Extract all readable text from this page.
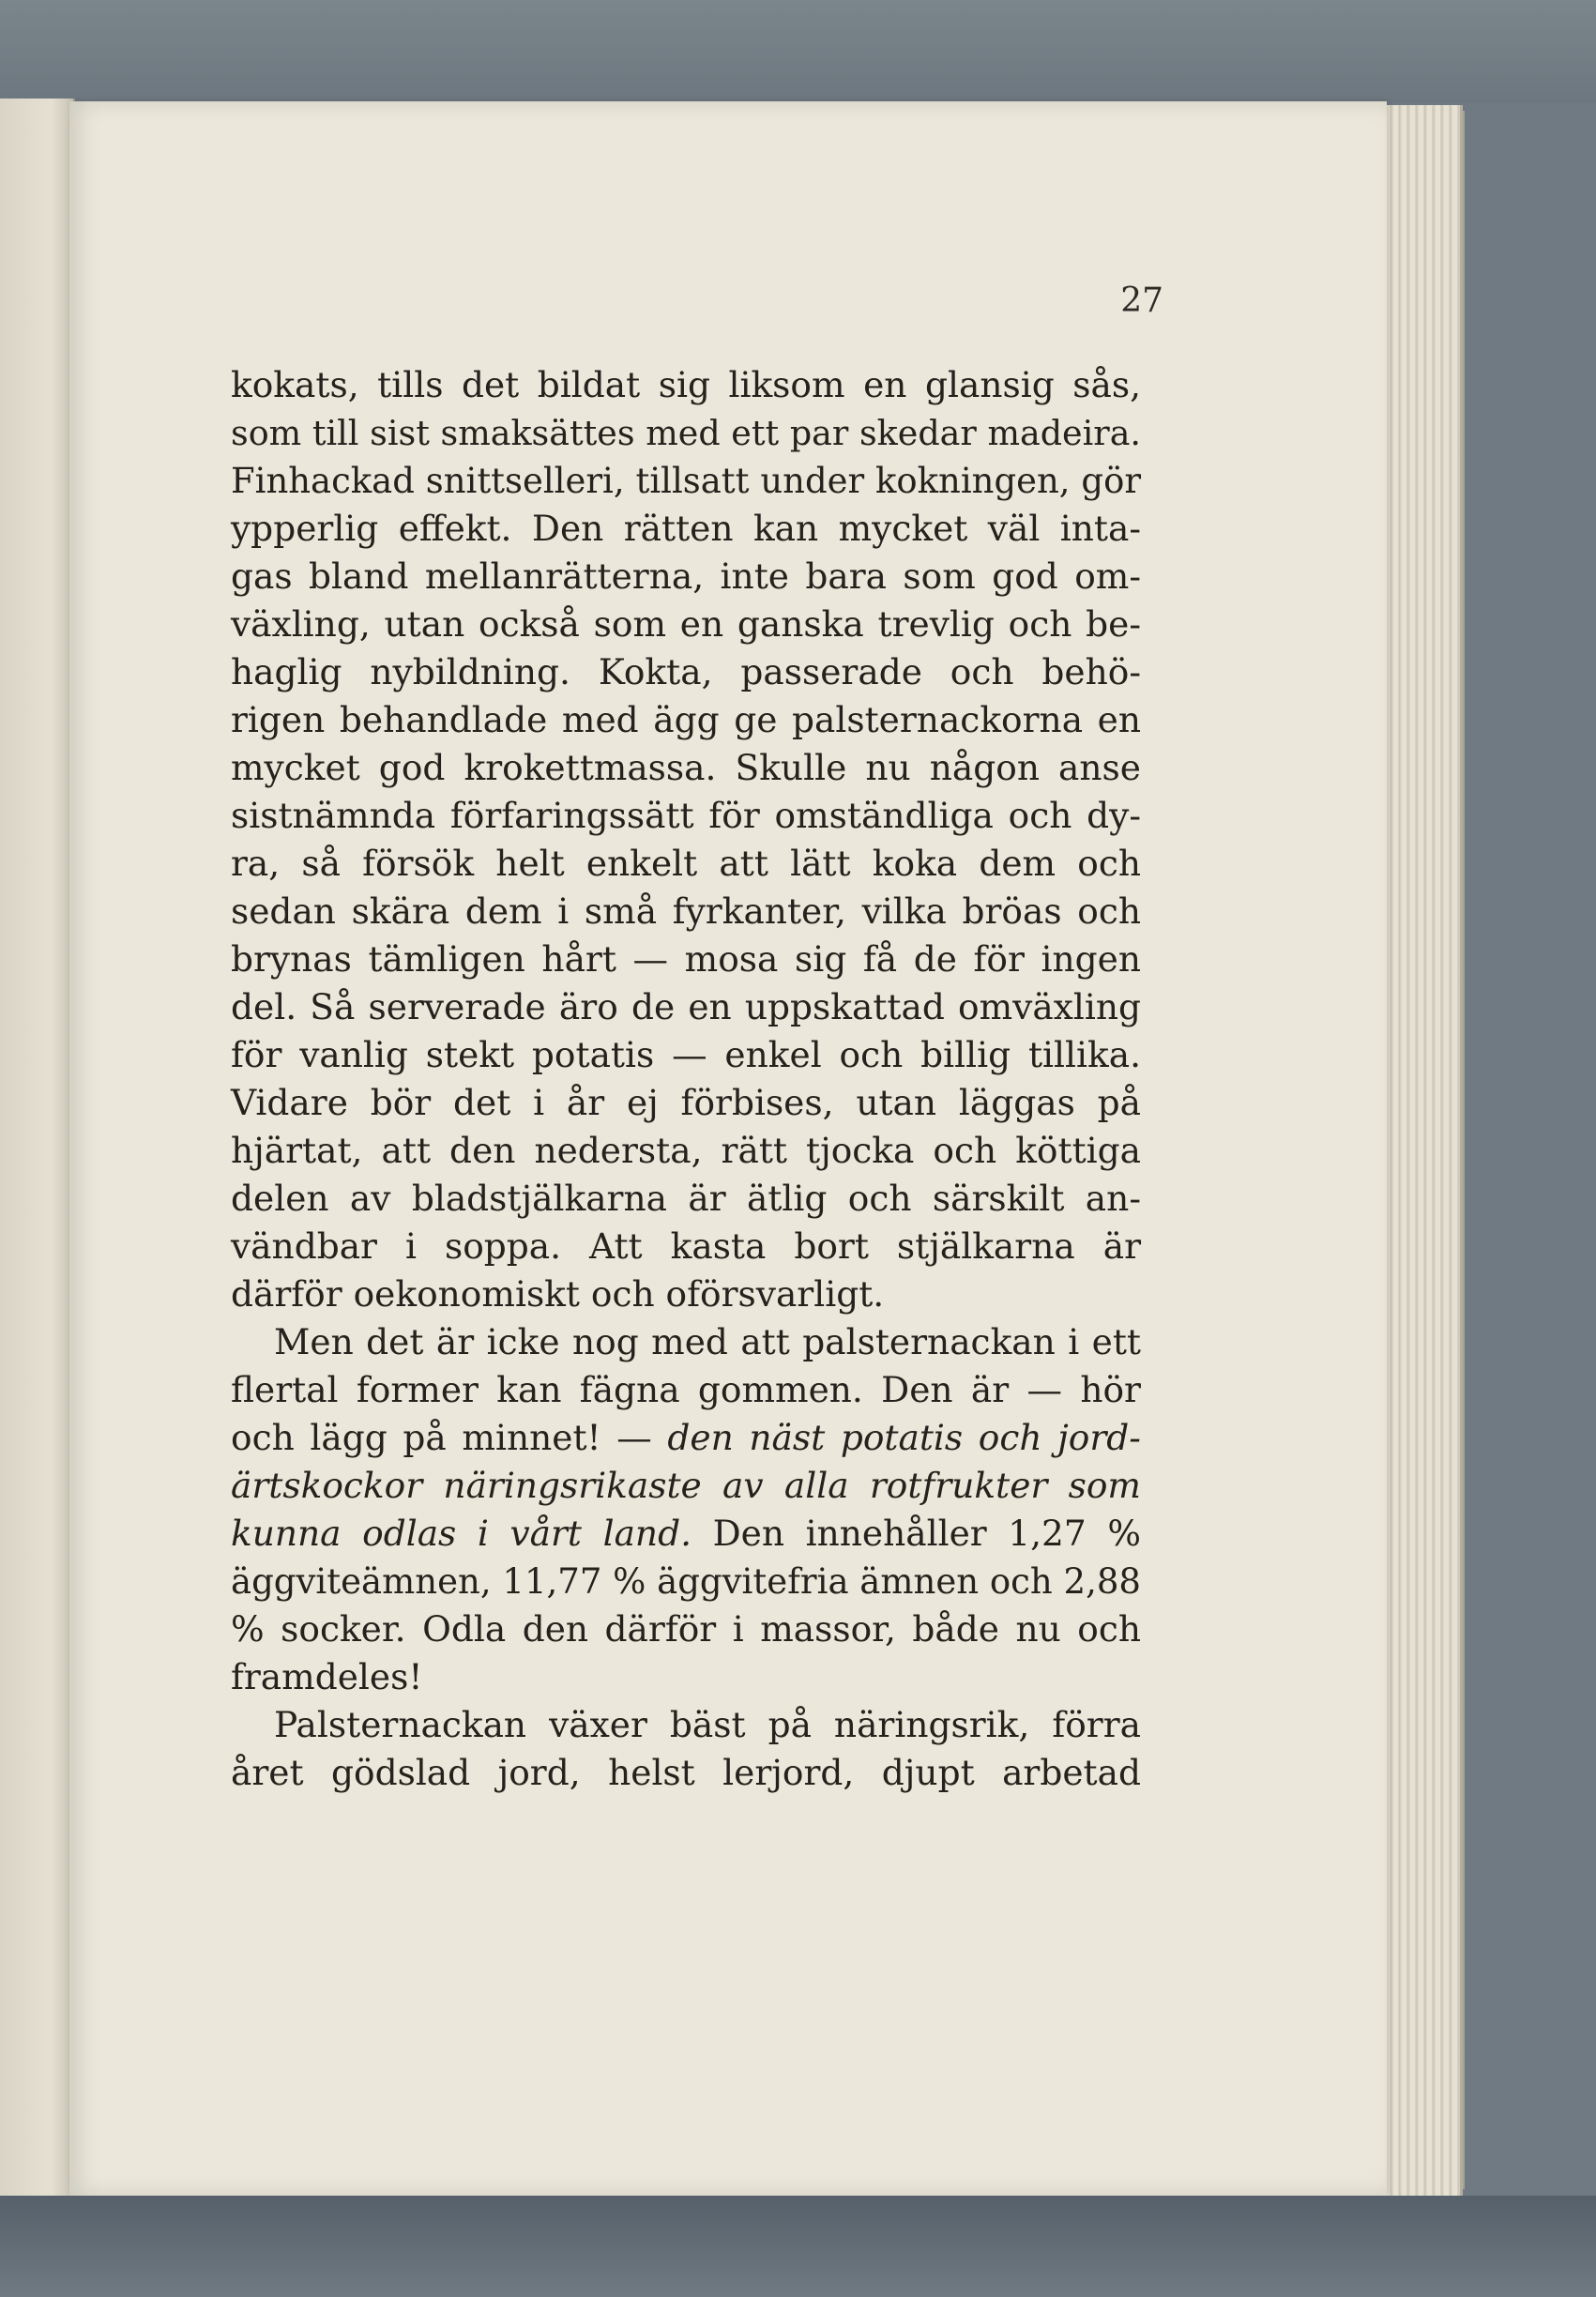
27
kokats, tills det bildat sig liksom en glansig sås,
som till sist smaksättes med ett par skedar madeira.
Finhackad snittselleri, tillsatt under kokningen, gör
ypperlig effekt. Den rätten kan mycket väl inta-
gas bland mellanrätterna, inte bara som god om-
växling, utan också som en ganska trevlig och be-
haglig nybildning. Kokta, passerade och behö-
rigen behandlade med ägg ge palsternackorna en
mycket god krokettmassa. Skulle nu någon anse
sistnämnda förfaringssätt för omständliga och dy-
ra, så försök helt enkelt att lätt koka dem och
sedan skära dem i små fyrkanter, vilka bröas och
brynas tämligen hårt — mosa sig få de för ingen
del. Så serverade äro de en uppskattad omväxling
för vanlig stekt potatis — enkel och billig tillika.
Vidare bör det i år ej förbises, utan läggas på
hjärtat, att den nedersta, rätt tjocka och köttiga
delen av bladstjälkarna är ätlig och särskilt an-
vändbar i soppa. Att kasta bort stjälkarna är
därför oekonomiskt och oförsvarligt.
Men det är icke nog med att palsternackan i ett
flertal former kan fägna gommen. Den är — hör
och lägg på minnet! — den näst potatis och jord-
ärtskockor näringsrikaste av alla rotfrukter som
kunna odlas i vårt land. Den innehåller 1,27 %
äggviteämnen, 11,77 % äggvitefria ämnen och 2,88
% socker. Odla den därför i massor, både nu och
framdeles!
Palsternackan växer bäst på näringsrik, förra
året gödslad jord, helst lerjord, djupt arbetad
